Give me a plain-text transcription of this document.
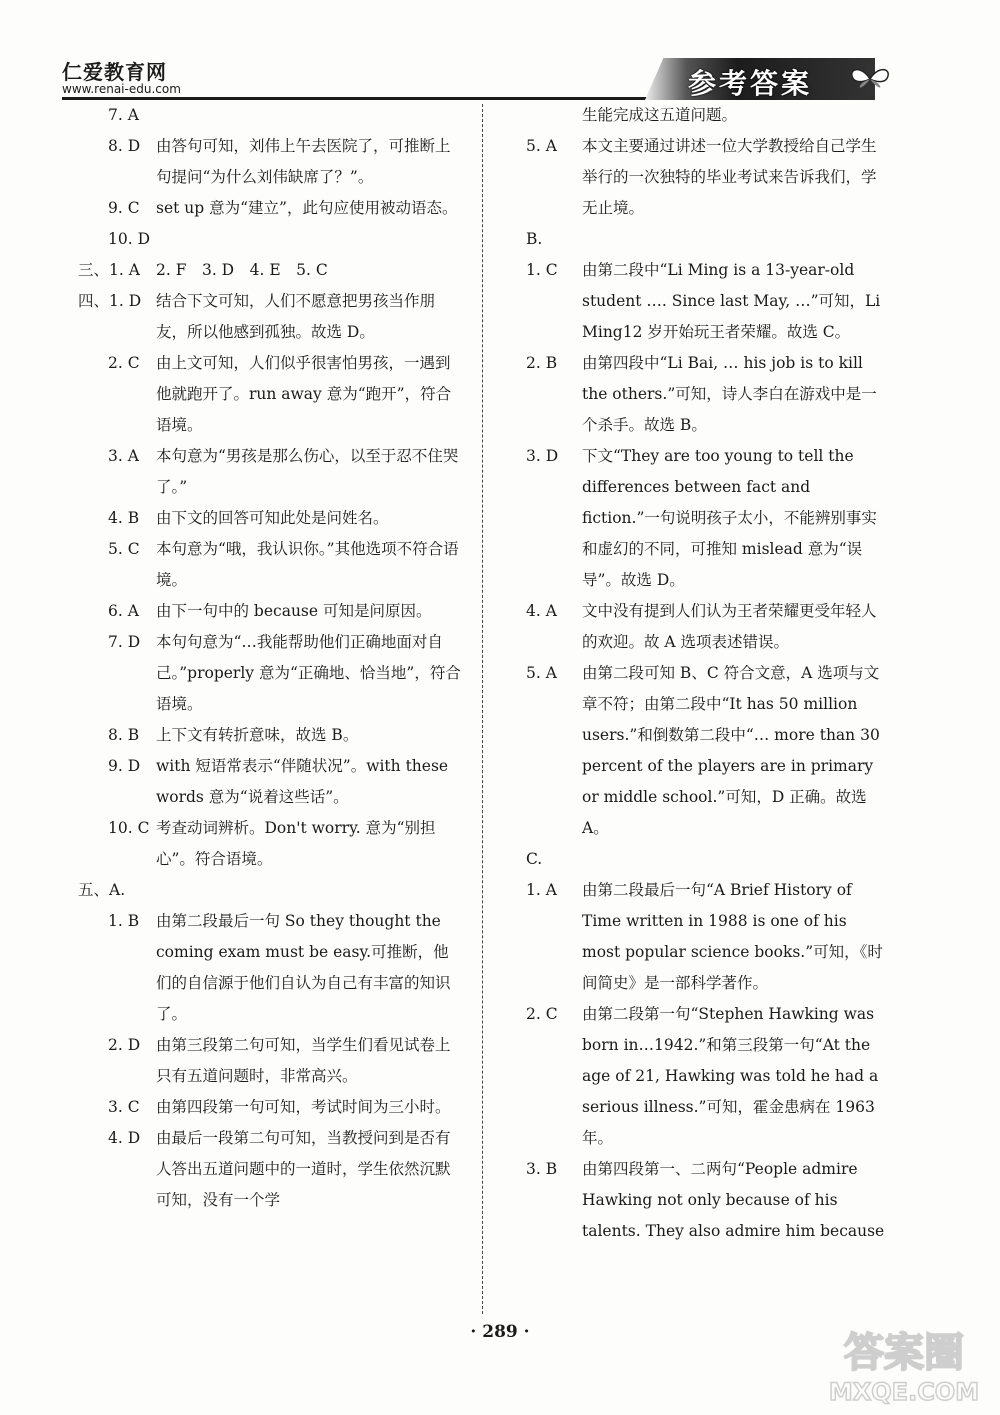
仁爱教育网
www.renai-edu.com	参考答案
7. A
8. D	由答句可知，刘伟上午去医院了，可推断上句提问“为什么刘伟缺席了？”。
9. C	set up 意为“建立”，此句应使用被动语态。
10. D
三、1. A	2. F　3. D　4. E　5. C
四、1. D 结合下文可知，人们不愿意把男孩当作朋友，所以他感到孤独。故选 D。
2. C	由上文可知，人们似乎很害怕男孩，一遇到他就跑开了。run away 意为“跑开”，符合语境。
3. A	本句意为“男孩是那么伤心，以至于忍不住哭了。”
4. B	由下文的回答可知此处是问姓名。
5. C	本句意为“哦，我认识你。”其他选项不符合语境。
6. A	由下一句中的 because 可知是问原因。
7. D	本句句意为“…我能帮助他们正确地面对自己。”properly 意为“正确地、恰当地”，符合语境。
8. B	上下文有转折意味，故选 B。
9. D	with 短语常表示“伴随状况”。with these words 意为“说着这些话”。
10. C 考查动词辨析。Don't worry. 意为“别担心”。符合语境。
五、A.
1. B	由第二段最后一句 So they thought the coming exam must be easy.可推断，他们的自信源于他们自认为自己有丰富的知识了。
2. D	由第三段第二句可知，当学生们看见试卷上只有五道问题时，非常高兴。
3. C	由第四段第一句可知，考试时间为三小时。
4. D	由最后一段第二句可知，当教授问到是否有人答出五道问题中的一道时，学生依然沉默可知，没有一个学
生能完成这五道问题。
5. A	本文主要通过讲述一位大学教授给自己学生举行的一次独特的毕业考试来告诉我们，学无止境。
B.
1. C	由第二段中“Li Ming is a 13-year-old student …. Since last May, …”可知，Li Ming12 岁开始玩王者荣耀。故选 C。
2. B	由第四段中“Li Bai, … his job is to kill the others.”可知，诗人李白在游戏中是一个杀手。故选 B。
3. D	下文“They are too young to tell the differences between fact and fiction.”一句说明孩子太小，不能辨别事实和虚幻的不同，可推知 mislead 意为“误导”。故选 D。
4. A	文中没有提到人们认为王者荣耀更受年轻人的欢迎。故 A 选项表述错误。
5. A	由第二段可知 B、C 符合文意，A 选项与文章不符；由第二段中“It has 50 million users.”和倒数第二段中“… more than 30 percent of the players are in primary or middle school.”可知，D 正确。故选 A。
C.
1. A	由第二段最后一句“A Brief History of Time written in 1988 is one of his most popular science books.”可知，《时间简史》是一部科学著作。
2. C	由第二段第一句“Stephen Hawking was born in…1942.”和第三段第一句“At the age of 21, Hawking was told he had a serious illness.”可知，霍金患病在 1963 年。
3. B	由第四段第一、二两句“People admire Hawking not only because of his talents. They also admire him because
· 289 ·	答案圈
MXQE.COM
